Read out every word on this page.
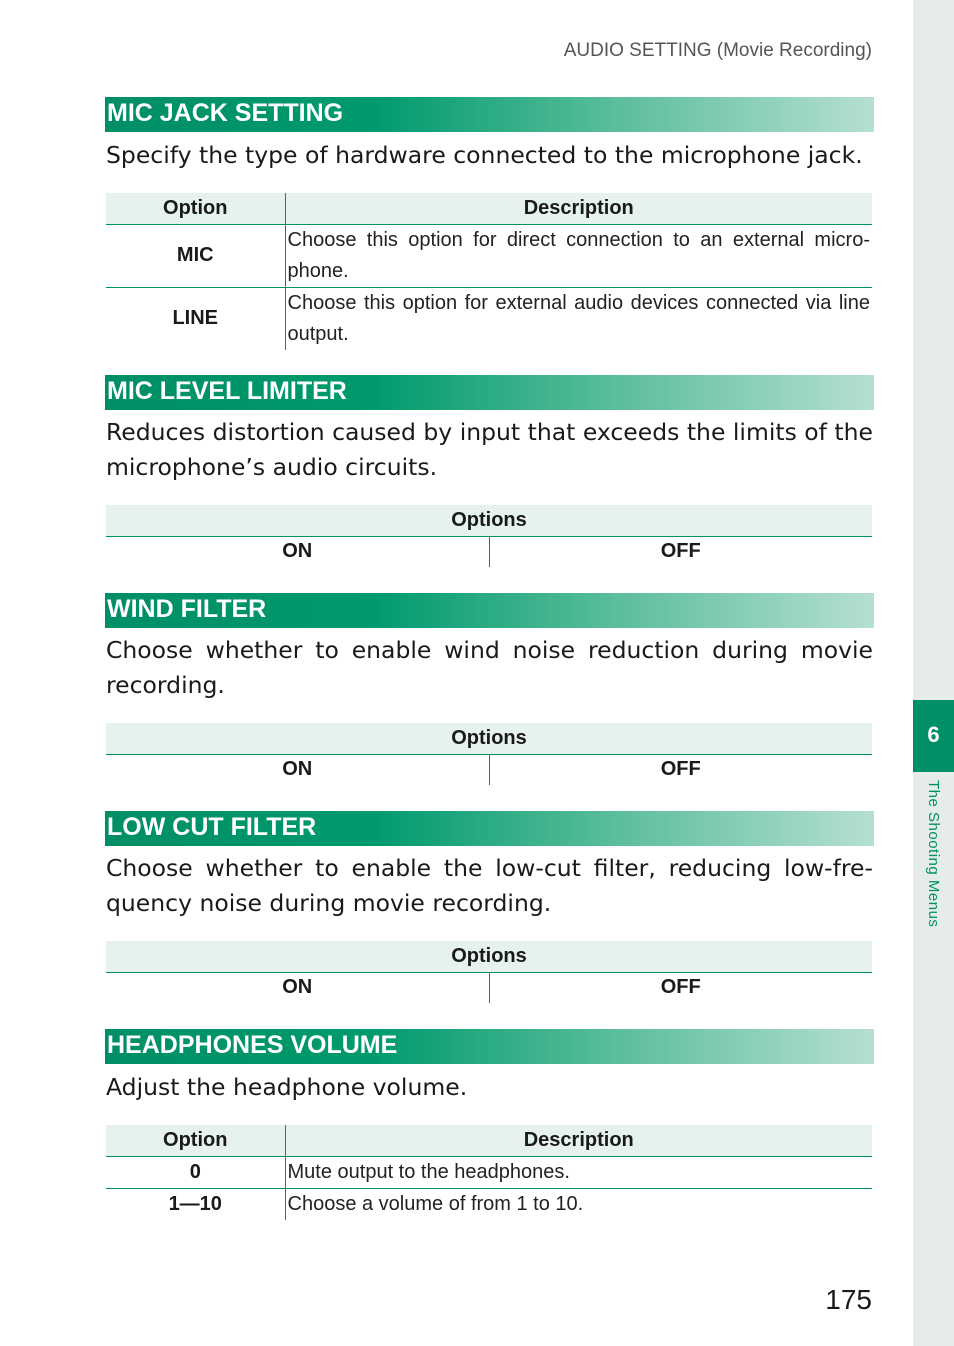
AUDIO SETTING (Movie Recording)
6
The Shooting Menus
MIC JACK SETTING
Specify the type of hardware connected to the microphone jack.
Option	Description
MIC	Choose this option for direct connection to an external microphone.
LINE	Choose this option for external audio devices connected via line output.
MIC LEVEL LIMITER
Reduces distortion caused by input that exceeds the limits of the microphone’s audio circuits.
Options
ON	OFF
WIND FILTER
Choose whether to enable wind noise reduction during movie recording.
Options
ON	OFF
LOW CUT FILTER
Choose whether to enable the low-cut filter, reducing low-frequency noise during movie recording.
Options
ON	OFF
HEADPHONES VOLUME
Adjust the headphone volume.
Option	Description
0	Mute output to the headphones.
1—10	Choose a volume of from 1 to 10.
175
